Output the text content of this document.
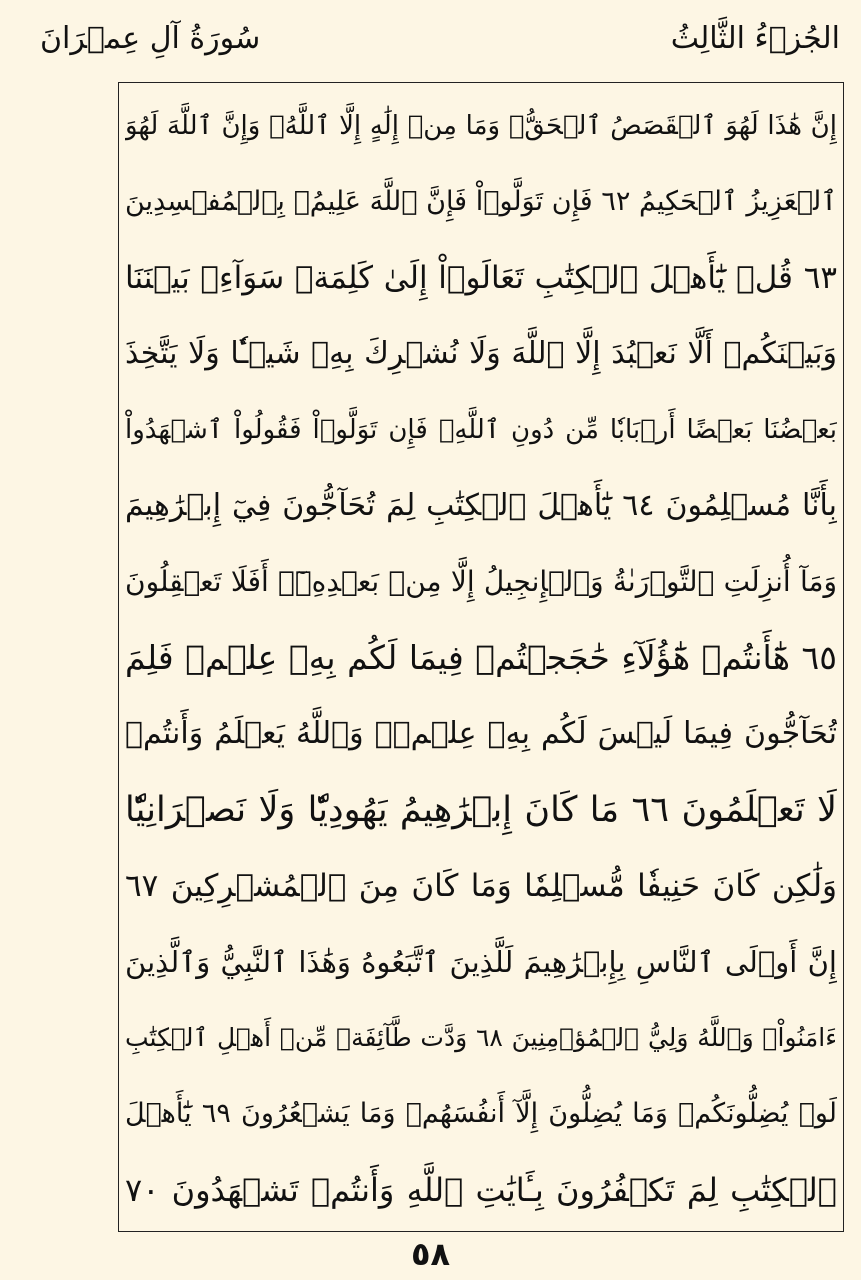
الجُزۡءُ الثَّالِثُ
سُورَةُ آلِ عِمۡرَانَ
إِنَّ هَٰذَا لَهُوَ ٱلۡقَصَصُ ٱلۡحَقُّۚ وَمَا مِنۡ إِلَٰهٍ إِلَّا ٱللَّهُۚ وَإِنَّ ٱللَّهَ لَهُوَ
ٱلۡعَزِيزُ ٱلۡحَكِيمُ ٦٢ فَإِن تَوَلَّوۡاْ فَإِنَّ ٱللَّهَ عَلِيمُۢ بِٱلۡمُفۡسِدِينَ
٦٣ قُلۡ يَٰٓأَهۡلَ ٱلۡكِتَٰبِ تَعَالَوۡاْ إِلَىٰ كَلِمَةٖ سَوَآءِۭ بَيۡنَنَا
وَبَيۡنَكُمۡ أَلَّا نَعۡبُدَ إِلَّا ٱللَّهَ وَلَا نُشۡرِكَ بِهِۦ شَيۡـٔٗا وَلَا يَتَّخِذَ
بَعۡضُنَا بَعۡضًا أَرۡبَابٗا مِّن دُونِ ٱللَّهِۚ فَإِن تَوَلَّوۡاْ فَقُولُواْ ٱشۡهَدُواْ
بِأَنَّا مُسۡلِمُونَ ٦٤ يَٰٓأَهۡلَ ٱلۡكِتَٰبِ لِمَ تُحَآجُّونَ فِيٓ إِبۡرَٰهِيمَ
وَمَآ أُنزِلَتِ ٱلتَّوۡرَىٰةُ وَٱلۡإِنجِيلُ إِلَّا مِنۢ بَعۡدِهِۦٓۚ أَفَلَا تَعۡقِلُونَ
٦٥ هَٰٓأَنتُمۡ هَٰٓؤُلَآءِ حَٰجَجۡتُمۡ فِيمَا لَكُم بِهِۦ عِلۡمٞ فَلِمَ
تُحَآجُّونَ فِيمَا لَيۡسَ لَكُم بِهِۦ عِلۡمٞۚ وَٱللَّهُ يَعۡلَمُ وَأَنتُمۡ
لَا تَعۡلَمُونَ ٦٦ مَا كَانَ إِبۡرَٰهِيمُ يَهُودِيّٗا وَلَا نَصۡرَانِيّٗا
وَلَٰكِن كَانَ حَنِيفٗا مُّسۡلِمٗا وَمَا كَانَ مِنَ ٱلۡمُشۡرِكِينَ ٦٧
إِنَّ أَوۡلَى ٱلنَّاسِ بِإِبۡرَٰهِيمَ لَلَّذِينَ ٱتَّبَعُوهُ وَهَٰذَا ٱلنَّبِيُّ وَٱلَّذِينَ
ءَامَنُواْۗ وَٱللَّهُ وَلِيُّ ٱلۡمُؤۡمِنِينَ ٦٨ وَدَّت طَّآئِفَةٞ مِّنۡ أَهۡلِ ٱلۡكِتَٰبِ
لَوۡ يُضِلُّونَكُمۡ وَمَا يُضِلُّونَ إِلَّآ أَنفُسَهُمۡ وَمَا يَشۡعُرُونَ ٦٩ يَٰٓأَهۡلَ
ٱلۡكِتَٰبِ لِمَ تَكۡفُرُونَ بِـَٔايَٰتِ ٱللَّهِ وَأَنتُمۡ تَشۡهَدُونَ ٧٠
٥٨
